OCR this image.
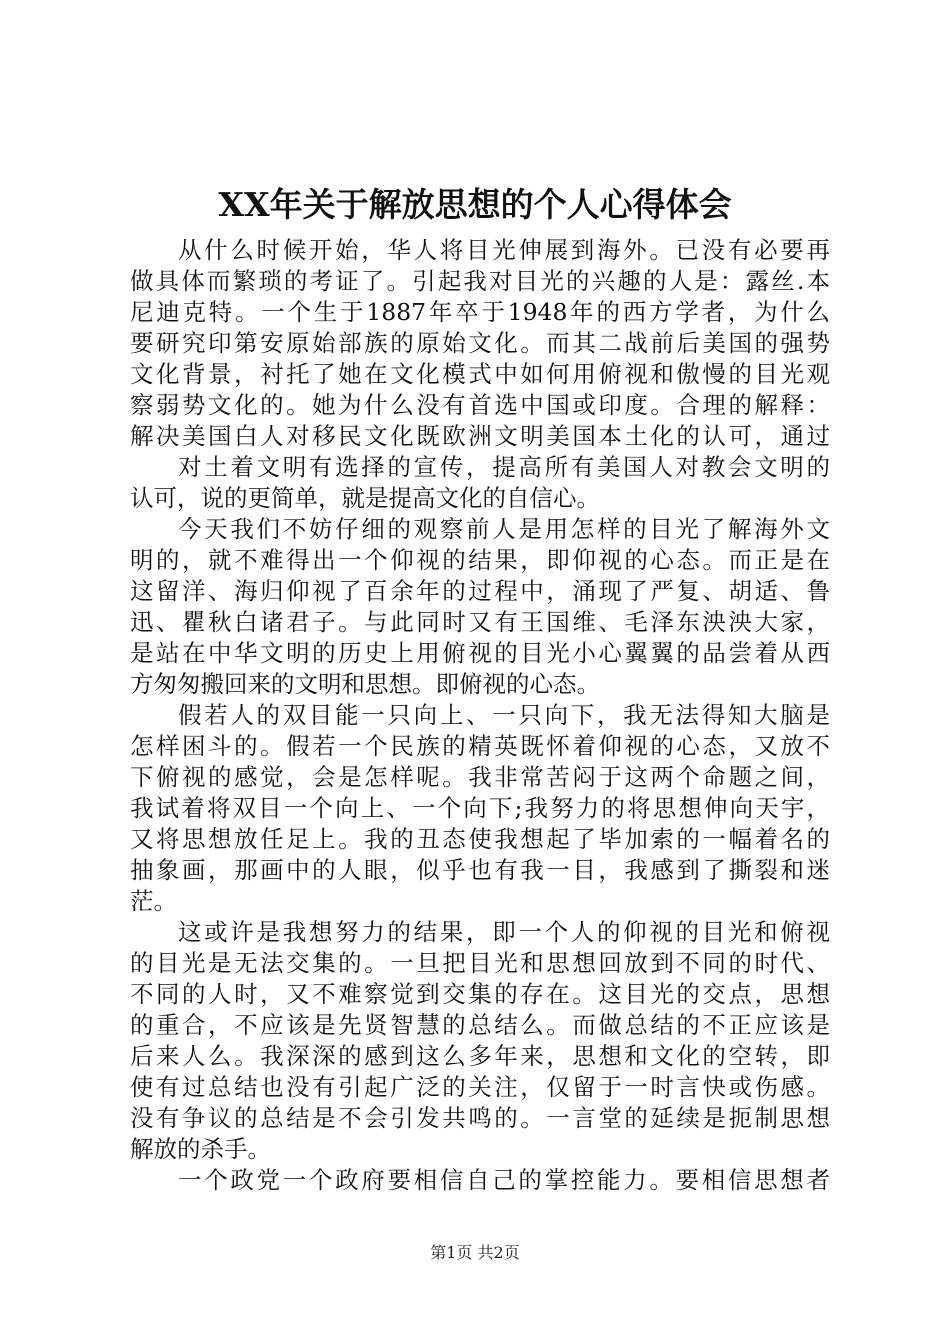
XX年关于解放思想的个人心得体会
从什么时候开始，华人将目光伸展到海外。已没有必要再
做具体而繁琐的考证了。引起我对目光的兴趣的人是：露丝.本
尼迪克特。一个生于1887年卒于1948年的西方学者，为什么
要研究印第安原始部族的原始文化。而其二战前后美国的强势
文化背景，衬托了她在文化模式中如何用俯视和傲慢的目光观
察弱势文化的。她为什么没有首选中国或印度。合理的解释：
解决美国白人对移民文化既欧洲文明美国本土化的认可，通过
对土着文明有选择的宣传，提高所有美国人对教会文明的
认可，说的更简单，就是提高文化的自信心。
今天我们不妨仔细的观察前人是用怎样的目光了解海外文
明的，就不难得出一个仰视的结果，即仰视的心态。而正是在
这留洋、海归仰视了百余年的过程中，涌现了严复、胡适、鲁
迅、瞿秋白诸君子。与此同时又有王国维、毛泽东泱泱大家，
是站在中华文明的历史上用俯视的目光小心翼翼的品尝着从西
方匆匆搬回来的文明和思想。即俯视的心态。
假若人的双目能一只向上、一只向下，我无法得知大脑是
怎样困斗的。假若一个民族的精英既怀着仰视的心态，又放不
下俯视的感觉，会是怎样呢。我非常苦闷于这两个命题之间，
我试着将双目一个向上、一个向下;我努力的将思想伸向天宇，
又将思想放任足上。我的丑态使我想起了毕加索的一幅着名的
抽象画，那画中的人眼，似乎也有我一目，我感到了撕裂和迷
茫。
这或许是我想努力的结果，即一个人的仰视的目光和俯视
的目光是无法交集的。一旦把目光和思想回放到不同的时代、
不同的人时，又不难察觉到交集的存在。这目光的交点，思想
的重合，不应该是先贤智慧的总结么。而做总结的不正应该是
后来人么。我深深的感到这么多年来，思想和文化的空转，即
使有过总结也没有引起广泛的关注，仅留于一时言快或伤感。
没有争议的总结是不会引发共鸣的。一言堂的延续是扼制思想
解放的杀手。
一个政党一个政府要相信自己的掌控能力。要相信思想者
第1页 共2页
